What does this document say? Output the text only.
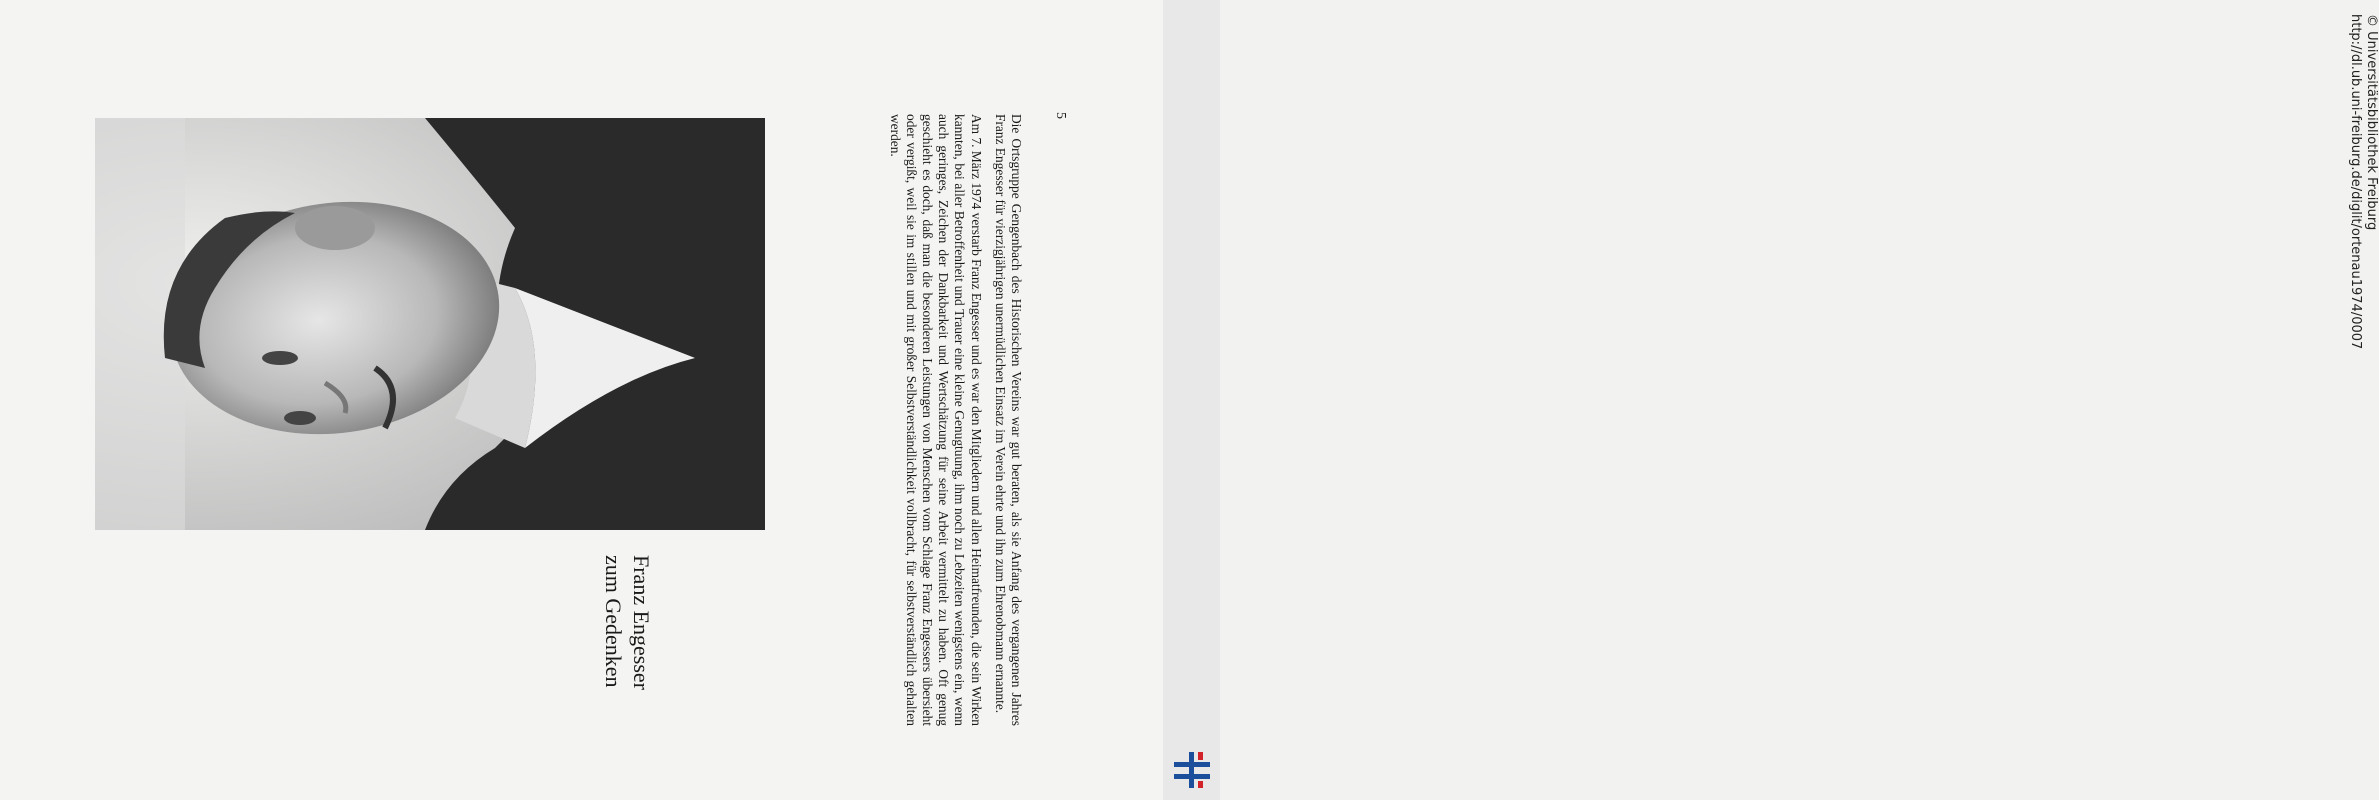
Franz Engesser
zum Gedenken	Die Ortsgruppe Gengenbach des Historischen Vereins war gut beraten, als sie Anfang des vergangenen Jahres Franz Engesser für vierzigjährigen unermüdlichen Einsatz im Verein ehrte und ihn zum Ehrenobmann ernannte.

Am 7. März 1974 verstarb Franz Engesser und es war den Mitgliedern und allen Heimatfreunden, die sein Wirken kannten, bei aller Betroffenheit und Trauer eine kleine Genugtuung, ihm noch zu Lebzeiten wenigstens ein, wenn auch geringes, Zeichen der Dankbarkeit und Wertschätzung für seine Arbeit vermittelt zu haben. Oft genug geschieht es doch, daß man die besonderen Leistungen von Menschen vom Schlage Franz Engessers übersieht oder vergißt, weil sie im stillen und mit großer Selbstverständlichkeit vollbracht, für selbstverständlich gehalten werden.	5	© Universitätsbibliothek Freiburg
http://dl.ub.uni-freiburg.de/diglit/ortenau1974/0007
